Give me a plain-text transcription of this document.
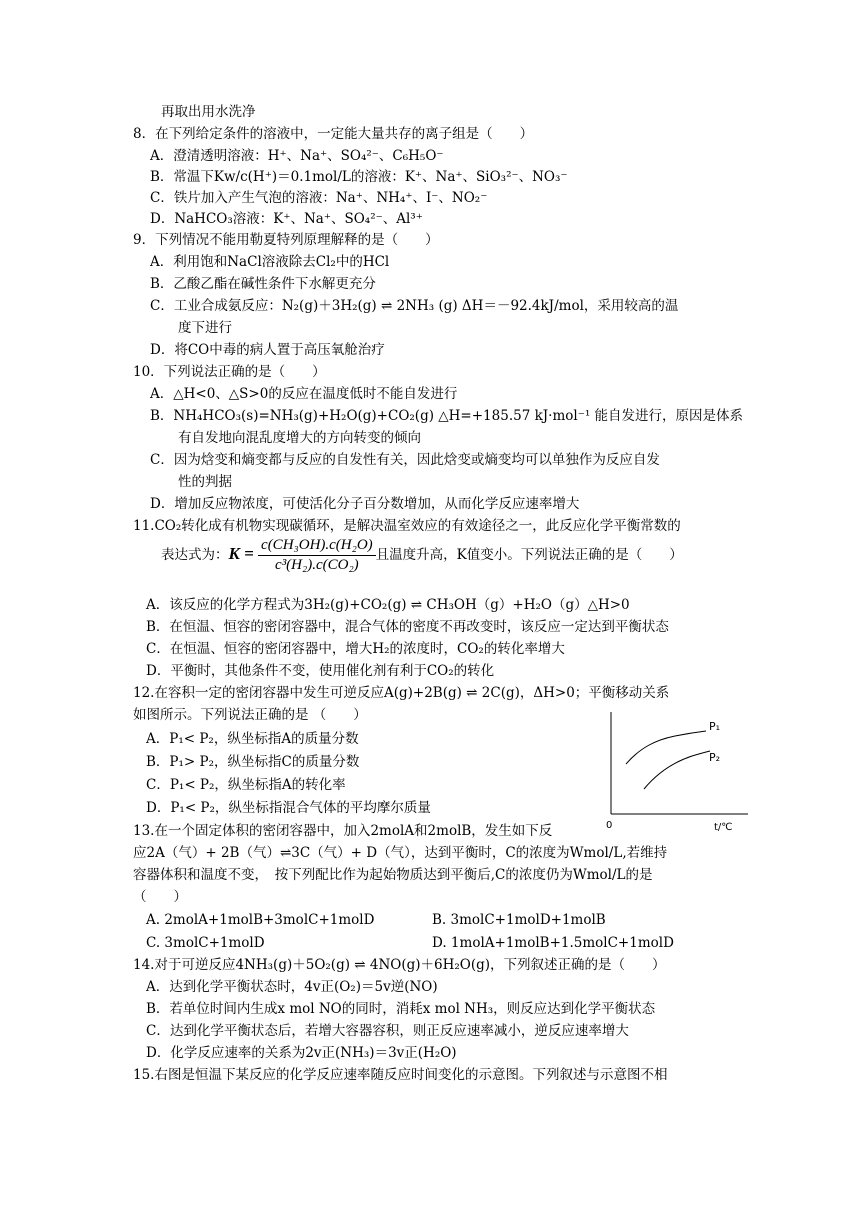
再取出用水洗净
8．在下列给定条件的溶液中，一定能大量共存的离子组是（　　）
A．澄清透明溶液：H⁺、Na⁺、SO₄²⁻、C₆H₅O⁻
B．常温下Kw/c(H⁺)＝0.1mol/L的溶液：K⁺、Na⁺、SiO₃²⁻、NO₃⁻
C．铁片加入产生气泡的溶液：Na⁺、NH₄⁺、I⁻、NO₂⁻
D．NaHCO₃溶液：K⁺、Na⁺、SO₄²⁻、Al³⁺
9．下列情况不能用勒夏特列原理解释的是（　　）
A．利用饱和NaCl溶液除去Cl₂中的HCl
B．乙酸乙酯在碱性条件下水解更充分
C．工业合成氨反应：N₂(g)＋3H₂(g) ⇌ 2NH₃ (g) ΔH＝－92.4kJ/mol，采用较高的温
度下进行
D．将CO中毒的病人置于高压氧舱治疗
10．下列说法正确的是（　　）
A．△H<0、△S>0的反应在温度低时不能自发进行
B．NH₄HCO₃(s)=NH₃(g)+H₂O(g)+CO₂(g) △H=+185.57 kJ·mol⁻¹ 能自发进行，原因是体系
有自发地向混乱度增大的方向转变的倾向
C．因为焓变和熵变都与反应的自发性有关，因此焓变或熵变均可以单独作为反应自发
性的判据
D．增加反应物浓度，可使活化分子百分数增加，从而化学反应速率增大
11.CO₂转化成有机物实现碳循环，是解决温室效应的有效途径之一，此反应化学平衡常数的
表达式为：$K = \frac{\text{c(CH₃OH).c(H₂O)}}{\text{c³(H₂).c(CO₂)}}$ 且温度升高，K值变小。下列说法正确的是（　　）
A．该反应的化学方程式为3H₂(g)+CO₂(g) ⇌ CH₃OH（g）+H₂O（g）△H>0
B．在恒温、恒容的密闭容器中，混合气体的密度不再改变时，该反应一定达到平衡状态
C．在恒温、恒容的密闭容器中，增大H₂的浓度时，CO₂的转化率增大
D．平衡时，其他条件不变，使用催化剂有利于CO₂的转化
12.在容积一定的密闭容器中发生可逆反应A(g)+2B(g) ⇌ 2C(g)，ΔH>0；平衡移动关系
如图所示。下列说法正确的是 （　　）
A．P₁< P₂，纵坐标指A的质量分数
B．P₁> P₂，纵坐标指C的质量分数
C．P₁< P₂，纵坐标指A的转化率
D．P₁< P₂，纵坐标指混合气体的平均摩尔质量
P₁
P₂
0	t/℃
13.在一个固定体积的密闭容器中，加入2molA和2molB，发生如下反
应2A（气）+ 2B（气）⇌3C（气）+ D（气），达到平衡时，C的浓度为Wmol/L,若维持
容器体积和温度不变，　按下列配比作为起始物质达到平衡后,C的浓度仍为Wmol/L的是
（　　）
A. 2molA+1molB+3molC+1molD	B. 3molC+1molD+1molB
C. 3molC+1molD	D. 1molA+1molB+1.5molC+1molD
14.对于可逆反应4NH₃(g)＋5O₂(g) ⇌ 4NO(g)＋6H₂O(g)，下列叙述正确的是（　　）
A．达到化学平衡状态时，4v正(O₂)＝5v逆(NO)
B．若单位时间内生成x mol NO的同时，消耗x mol NH₃，则反应达到化学平衡状态
C．达到化学平衡状态后，若增大容器容积，则正反应速率减小，逆反应速率增大
D．化学反应速率的关系为2v正(NH₃)＝3v正(H₂O)
15.右图是恒温下某反应的化学反应速率随反应时间变化的示意图。下列叙述与示意图不相
